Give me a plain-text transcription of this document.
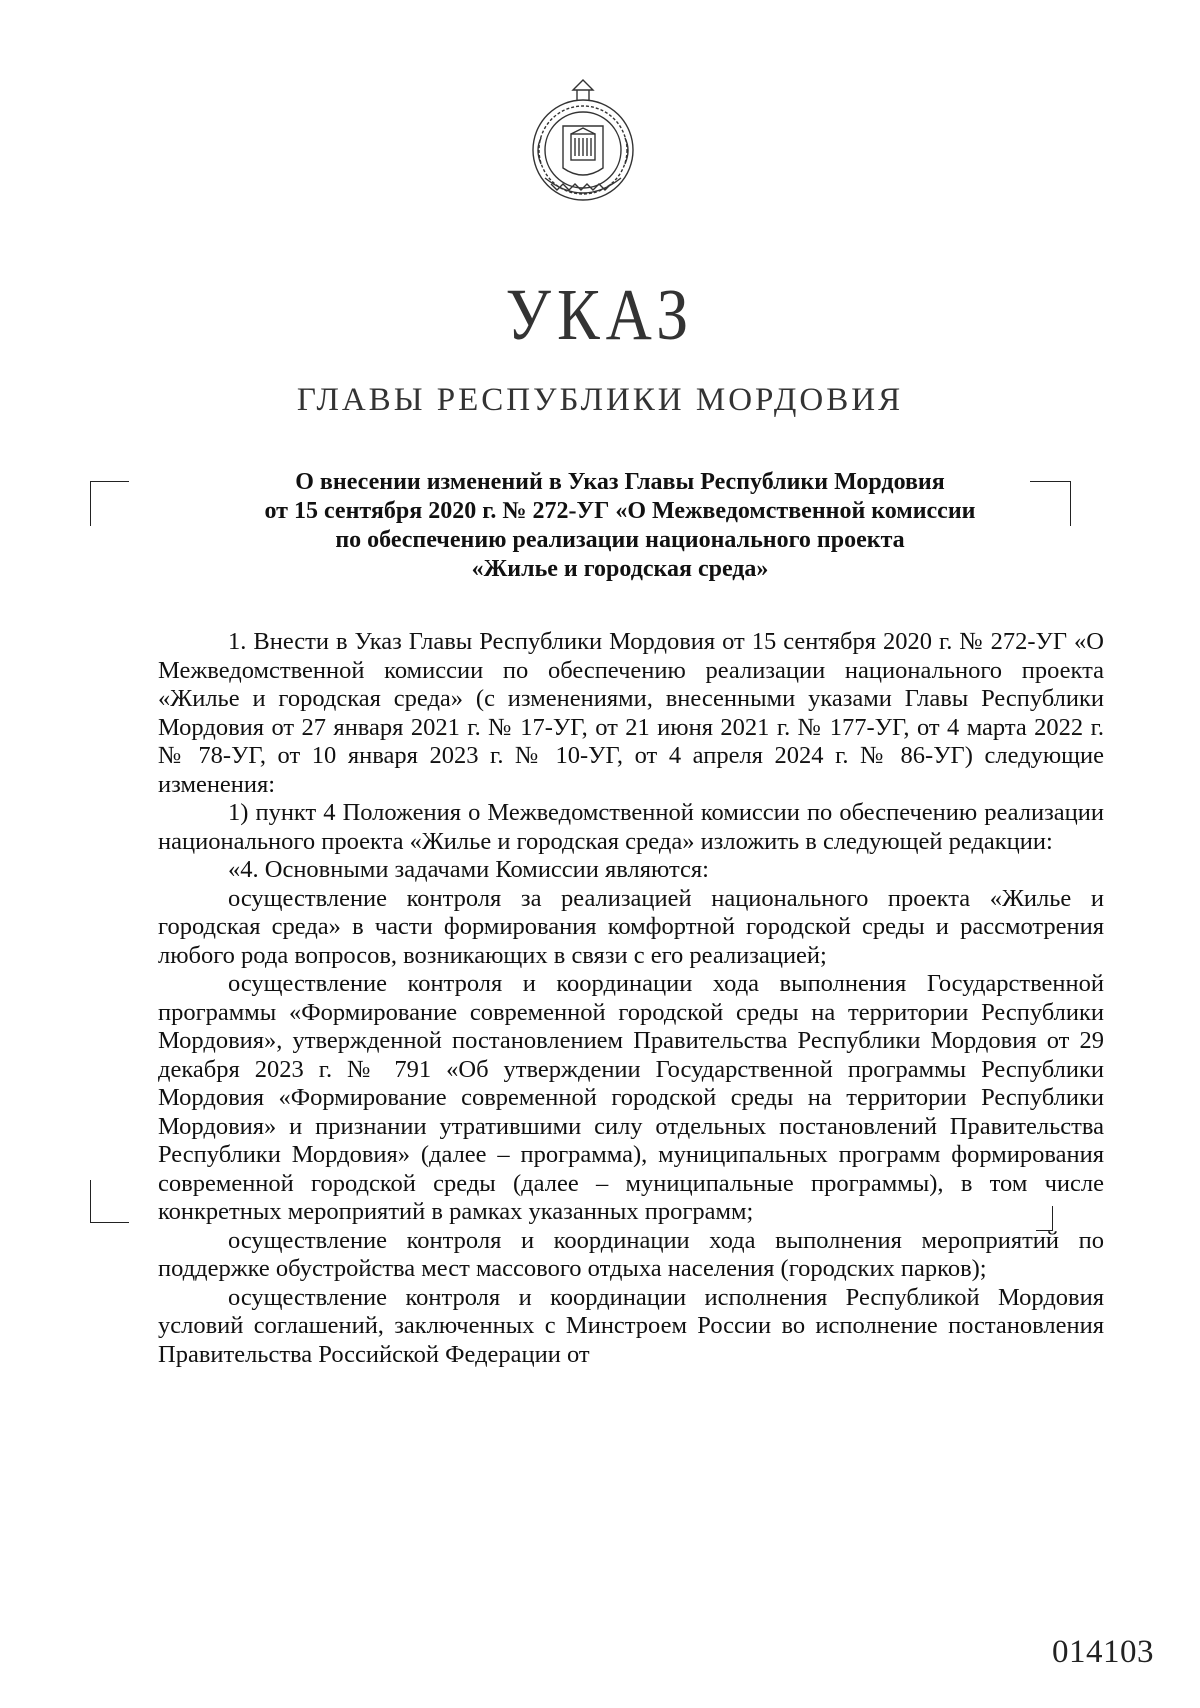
УКАЗ
ГЛАВЫ РЕСПУБЛИКИ МОРДОВИЯ
О внесении изменений в Указ Главы Республики Мордовия
от 15 сентября 2020 г. № 272-УГ «О Межведомственной комиссии
по обеспечению реализации национального проекта
«Жилье и городская среда»

1. Внести в Указ Главы Республики Мордовия от 15 сентября 2020 г. № 272-УГ «О Межведомственной комиссии по обеспечению реализации национального проекта «Жилье и городская среда» (с изменениями, внесенными указами Главы Республики Мордовия от 27 января 2021 г. № 17-УГ, от 21 июня 2021 г. № 177-УГ, от 4 марта 2022 г. № 78-УГ, от 10 января 2023 г. № 10-УГ, от 4 апреля 2024 г. № 86-УГ) следующие изменения:

1) пункт 4 Положения о Межведомственной комиссии по обеспечению реализации национального проекта «Жилье и городская среда» изложить в следующей редакции:

«4. Основными задачами Комиссии являются:

осуществление контроля за реализацией национального проекта «Жилье и городская среда» в части формирования комфортной городской среды и рассмотрения любого рода вопросов, возникающих в связи с его реализацией;

осуществление контроля и координации хода выполнения Государственной программы «Формирование современной городской среды на территории Республики Мордовия», утвержденной постановлением Правительства Республики Мордовия от 29 декабря 2023 г. № 791 «Об утверждении Государственной программы Республики Мордовия «Формирование современной городской среды на территории Республики Мордовия» и признании утратившими силу отдельных постановлений Правительства Республики Мордовия» (далее – программа), муниципальных программ формирования современной городской среды (далее – муниципальные программы), в том числе конкретных мероприятий в рамках указанных программ;

осуществление контроля и координации хода выполнения мероприятий по поддержке обустройства мест массового отдыха населения (городских парков);

осуществление контроля и координации исполнения Республикой Мордовия условий соглашений, заключенных с Минстроем России во исполнение постановления Правительства Российской Федерации от

014103
